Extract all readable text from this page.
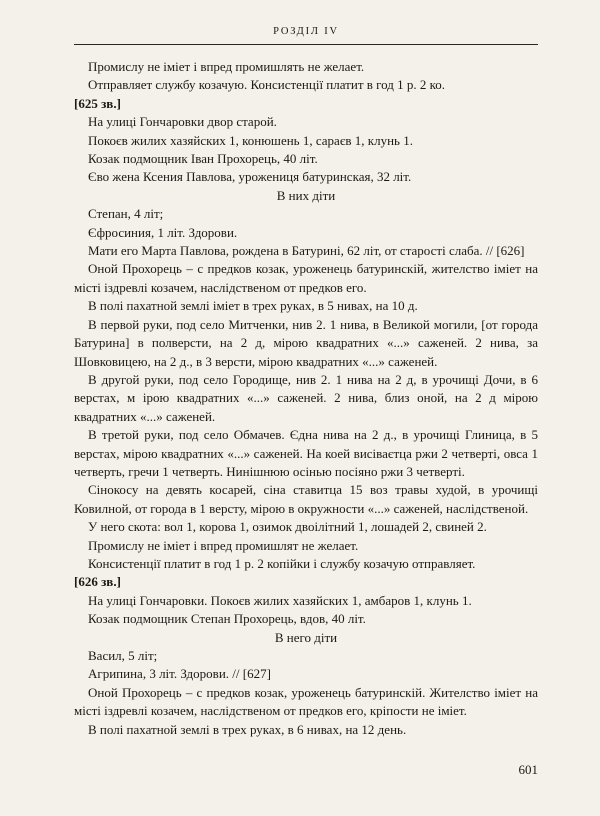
РОЗДІЛ IV

Промислу не іміет і впред промишлять не желает.

Отправляет службу козачую. Консистенції платит в год 1 р. 2 ко.

[625 зв.]

На улиці Гончаровки двор старой.

Покоєв жилих хазяйских 1, конюшень 1, сараєв 1, клунь 1.

Козак подмощник Іван Прохорець, 40 літ.

Єво жена Ксения Павлова, урожениця батуринская, 32 літ.

В них діти

Степан, 4 літ;

Єфросиния, 1 літ. Здорови.

Мати его Марта Павлова, рождена в Батурині, 62 літ, от старості слаба. // [626]

Оной Прохорець – с предков козак, уроженець батуринскій, жителство іміет на місті іздревлі козачем, наслідственом от предков его.

В полі пахатной землі іміет в трех руках, в 5 нивах, на 10 д.

В первой руки, под село Митченки, нив 2. 1 нива, в Великой могили, [от города Батурина] в полверсти, на 2 д, мірою квадратних «...» саженей. 2 нива, за Шовковицею, на 2 д., в 3 версти, мірою квадратних «...» саженей.

В другой руки, под село Городище, нив 2. 1 нива на 2 д, в урочищі Дочи, в 6 верстах, м ірою квадратних «...» саженей. 2 нива, близ оной, на 2 д мірою квадратних «...» саженей.

В третой руки, под село Обмачев. Єдна нива на 2 д., в урочищі Глиница, в 5 верстах, мірою квадратних «...» саженей. На коей висіваєтца ржи 2 четверті, овса 1 четверть, гречи 1 четверть. Нинішнюю осінью посіяно ржи 3 четверті.

Сінокосу на девять косарей, сіна ставитца 15 воз травы худой, в урочищі Ковилной, от города в 1 версту, мірою в окружности «...» саженей, наслідственой.

У него скота: вол 1, корова 1, озимок двоілітний 1, лошадей 2, свиней 2.

Промислу не іміет і впред промишлят не желает.

Консистенції платит в год 1 р. 2 копійки і службу козачую отправляет.

[626 зв.]

На улиці Гончаровки. Покоєв жилих хазяйских 1, амбаров 1, клунь 1.

Козак подмощник Степан Прохорець, вдов, 40 літ.

В него діти

Васил, 5 літ;

Агрипина, 3 літ. Здорови. // [627]

Оной Прохорець – с предков козак, уроженець батуринскій. Жителство іміет на місті іздревлі козачем, наслідственом от предков его, кріпости не іміет.

В полі пахатной землі в трех руках, в 6 нивах, на 12 день.

601
